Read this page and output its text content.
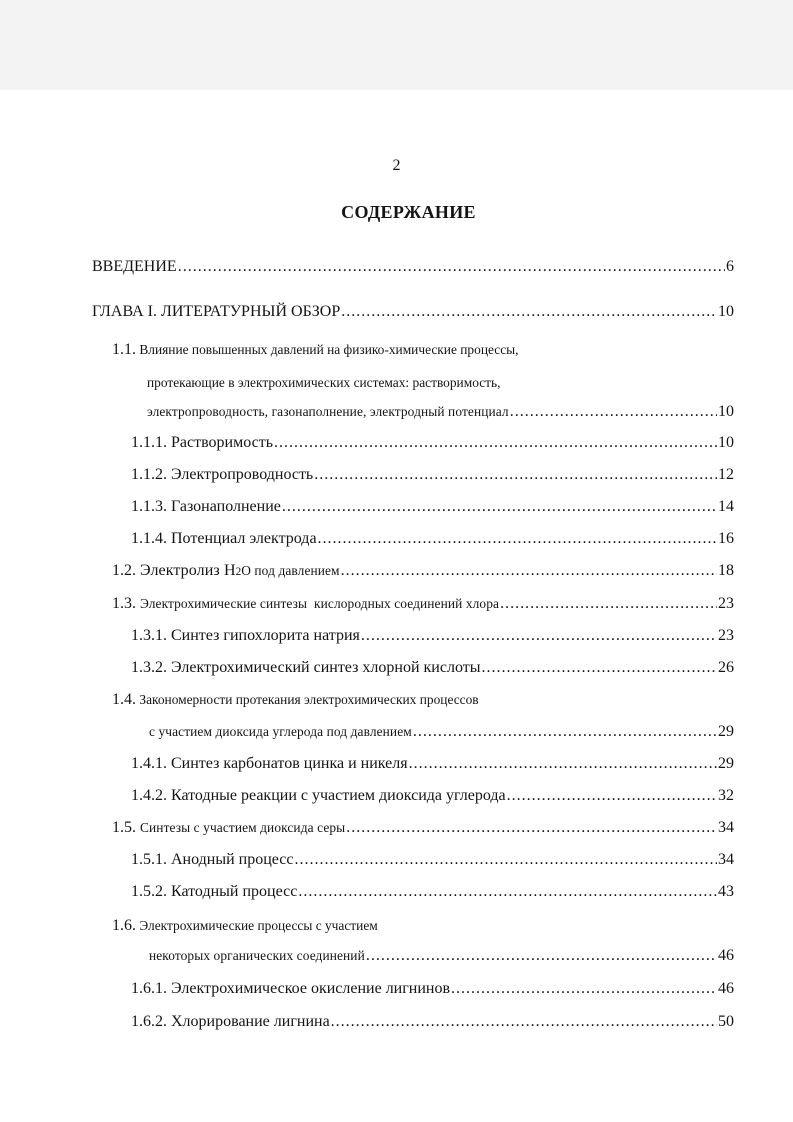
2
СОДЕРЖАНИЕ
ВВЕДЕНИЕ .....	6
ГЛАВА I. ЛИТЕРАТУРНЫЙ ОБЗОР .....	10
1.1. Влияние повышенных давлений на физико-химические процессы,
протекающие в электрохимических системах: растворимость,
электропроводность, газонаполнение, электродный потенциал .....	10
1.1.1. Растворимость .....	10
1.1.2. Электропроводность .....	12
1.1.3. Газонаполнение .....	14
1.1.4. Потенциал электрода .....	16
1.2.
Электролиз H 2 O под давлением .....	18
1.3.
Электрохимические синтезы  кислородных соединений хлора .....	23
1.3.1. Синтез гипохлорита натрия .....	23
1.3.2. Электрохимический синтез хлорной кислоты .....	26
1.4. Закономерности протекания электрохимических процессов
с участием диоксида углерода под давлением .....	29
1.4.1. Синтез карбонатов цинка и никеля .....	29
1.4.2. Катодные реакции с участием диоксида углерода .....	32
1.5.
Синтезы с участием диоксида серы .....	34
1.5.1. Анодный процесс .....	34
1.5.2. Катодный процесс .....	43
1.6. Электрохимические процессы с участием
некоторых органических соединений .....	46
1.6.1. Электрохимическое окисление лигнинов .....	46
1.6.2. Хлорирование лигнина .....	50
